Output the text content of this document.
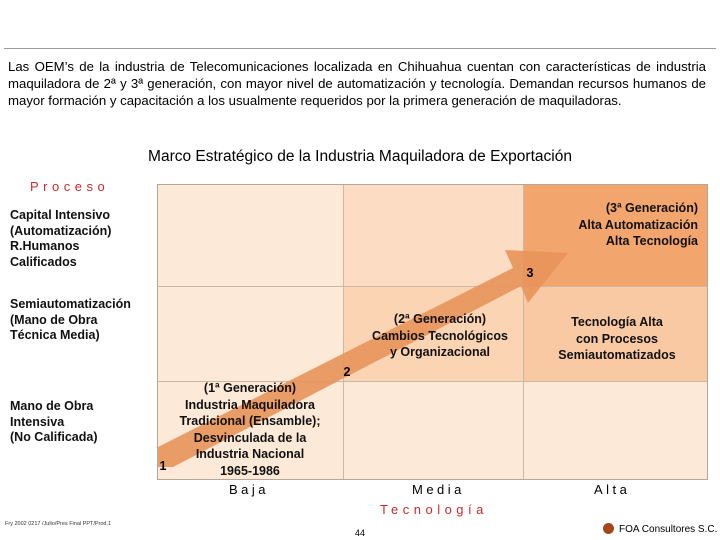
Las OEM’s de la industria de Telecomunicaciones localizada en Chihuahua cuentan con características de industria maquiladora de 2ª y 3ª generación, con mayor nivel de automatización y tecnología. Demandan recursos humanos de mayor formación y capacitación a los usualmente requeridos por la primera generación de maquiladoras.

Marco Estratégico de la Industria Maquiladora de Exportación
Proceso
Capital Intensivo
(Automatización)
R.Humanos
Calificados
Semiautomatización
(Mano de Obra
Técnica Media)
Mano de Obra
Intensiva
(No Calificada)
(1ª Generación)
Industria Maquiladora
Tradicional (Ensamble);
Desvinculada de la
Industria Nacional
1965-1986
(2ª Generación)
Cambios Tecnológicos
y Organizacional
(3ª Generación)
Alta Automatización
Alta Tecnología
Tecnología Alta
con Procesos
Semiautomatizados
1
2
3
Baja	Media	Alta
Tecnología
Fry 2002 0217 /Julio/Pres Final PPT/Prod.1
44	FOA Consultores S.C.
